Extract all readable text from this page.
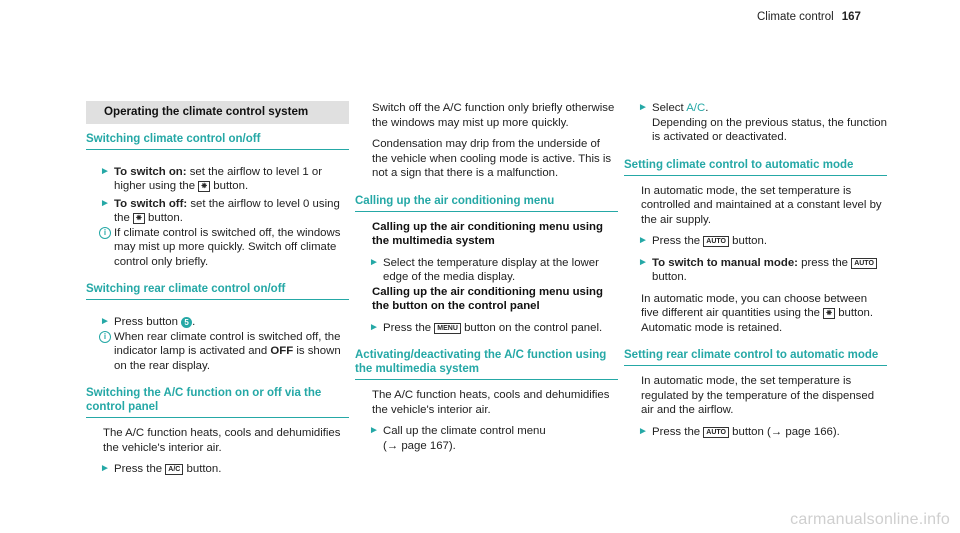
Climate control 167
Operating the climate control system
Switching climate control on/off
► To switch on: set the airflow to level 1 or higher using the ❋ button.
► To switch off: set the airflow to level 0 using the ❋ button.
i If climate control is switched off, the windows may mist up more quickly. Switch off climate control only briefly.
Switching rear climate control on/off
► Press button 5 .
i When rear climate control is switched off, the indicator lamp is activated and OFF is shown on the rear display.
Switching the A/C function on or off via the control panel
The A/C function heats, cools and dehumidifies the vehicle's interior air.
► Press the A/C button.
Switch off the A/C function only briefly otherwise the windows may mist up more quickly.
Condensation may drip from the underside of the vehicle when cooling mode is active. This is not a sign that there is a malfunction.
Calling up the air conditioning menu
Calling up the air conditioning menu using the multimedia system
► Select the temperature display at the lower edge of the media display.
Calling up the air conditioning menu using the button on the control panel
► Press the MENU button on the control panel.
Activating/deactivating the A/C function using the multimedia system
The A/C function heats, cools and dehumidifies the vehicle's interior air.
► Call up the climate control menu
(→ page 167).
► Select A/C.
Depending on the previous status, the function is activated or deactivated.
Setting climate control to automatic mode
In automatic mode, the set temperature is controlled and maintained at a constant level by the air supply.
► Press the AUTO button.
► To switch to manual mode: press the AUTO button.
In automatic mode, you can choose between five different air quantities using the ❋ button. Automatic mode is retained.
Setting rear climate control to automatic mode
In automatic mode, the set temperature is regulated by the temperature of the dispensed air and the airflow.
► Press the AUTO button (→ page 166).
carmanualsonline.info
